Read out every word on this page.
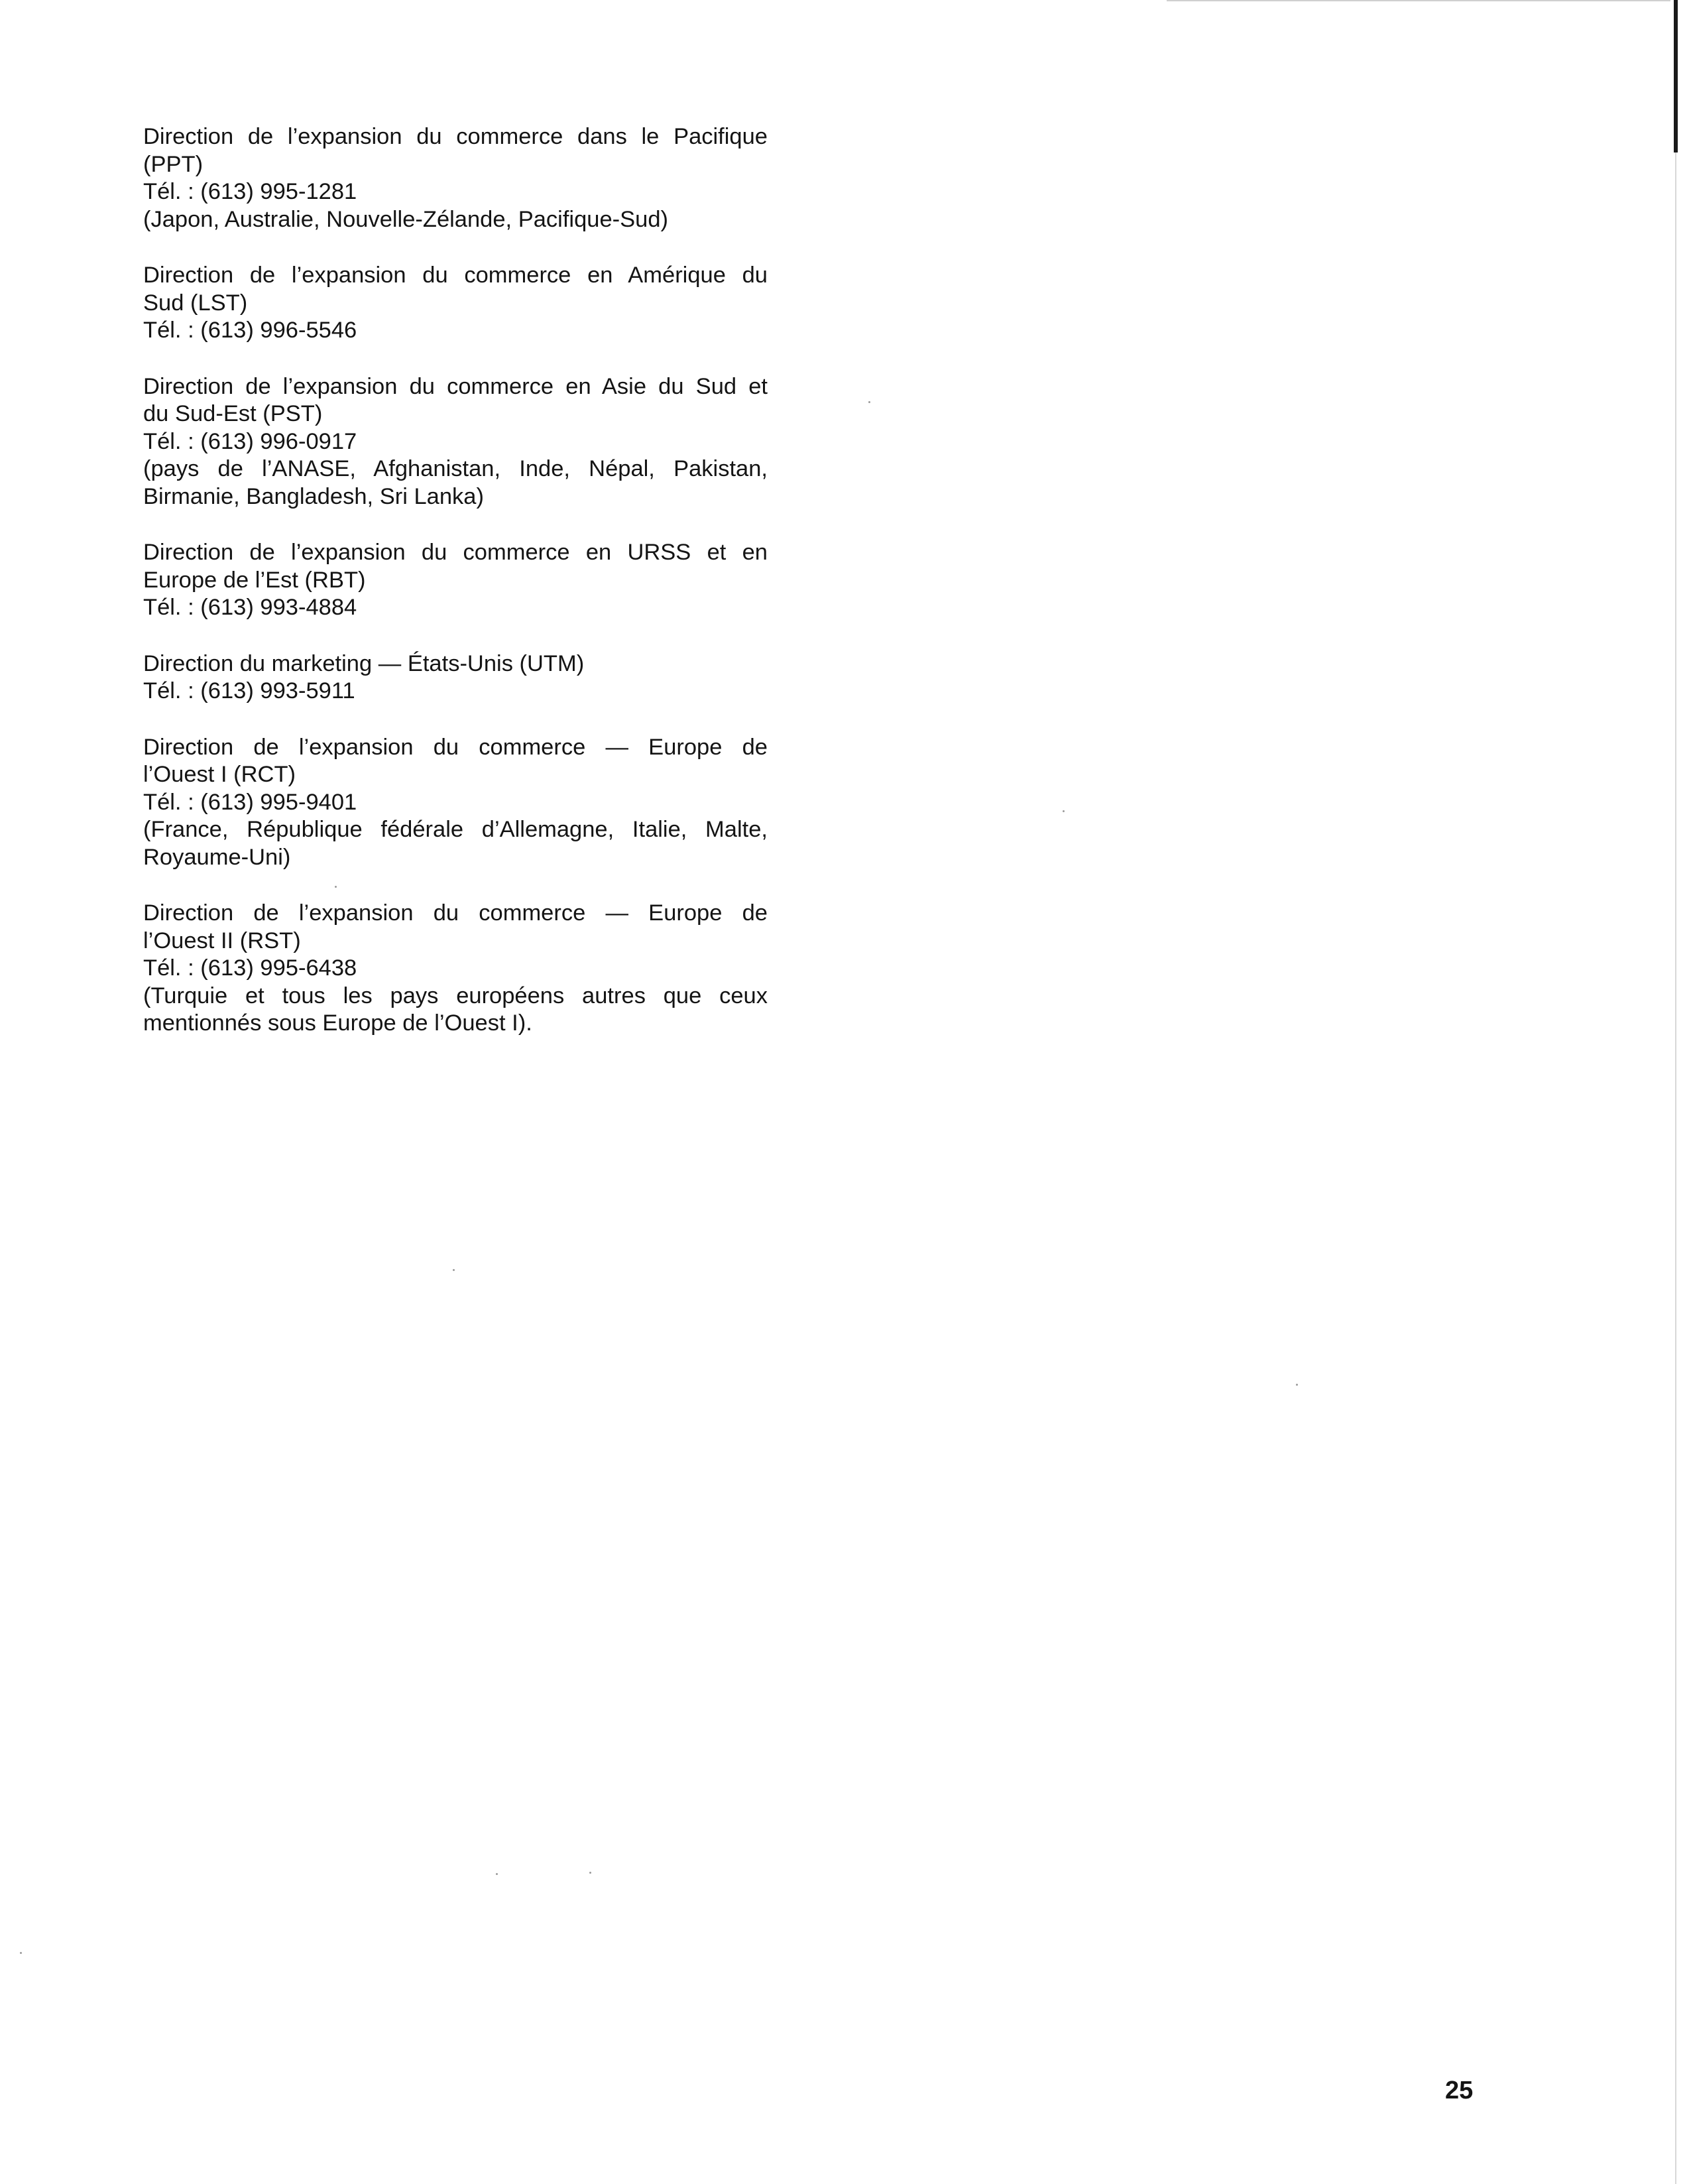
Direction de l’expansion du commerce dans le Pacifique
(PPT)
Tél. : (613) 995-1281
(Japon, Australie, Nouvelle-Zélande, Pacifique-Sud)
Direction de l’expansion du commerce en Amérique du
Sud (LST)
Tél. : (613) 996-5546
Direction de l’expansion du commerce en Asie du Sud et
du Sud-Est (PST)
Tél. : (613) 996-0917
(pays de l’ANASE, Afghanistan, Inde, Népal, Pakistan,
Birmanie, Bangladesh, Sri Lanka)
Direction de l’expansion du commerce en URSS et en
Europe de l’Est (RBT)
Tél. : (613) 993-4884
Direction du marketing — États-Unis (UTM)
Tél. : (613) 993-5911
Direction de l’expansion du commerce — Europe de
l’Ouest I (RCT)
Tél. : (613) 995-9401
(France, République fédérale d’Allemagne, Italie, Malte,
Royaume-Uni)
Direction de l’expansion du commerce — Europe de
l’Ouest II (RST)
Tél. : (613) 995-6438
(Turquie et tous les pays européens autres que ceux
mentionnés sous Europe de l’Ouest I).
25
